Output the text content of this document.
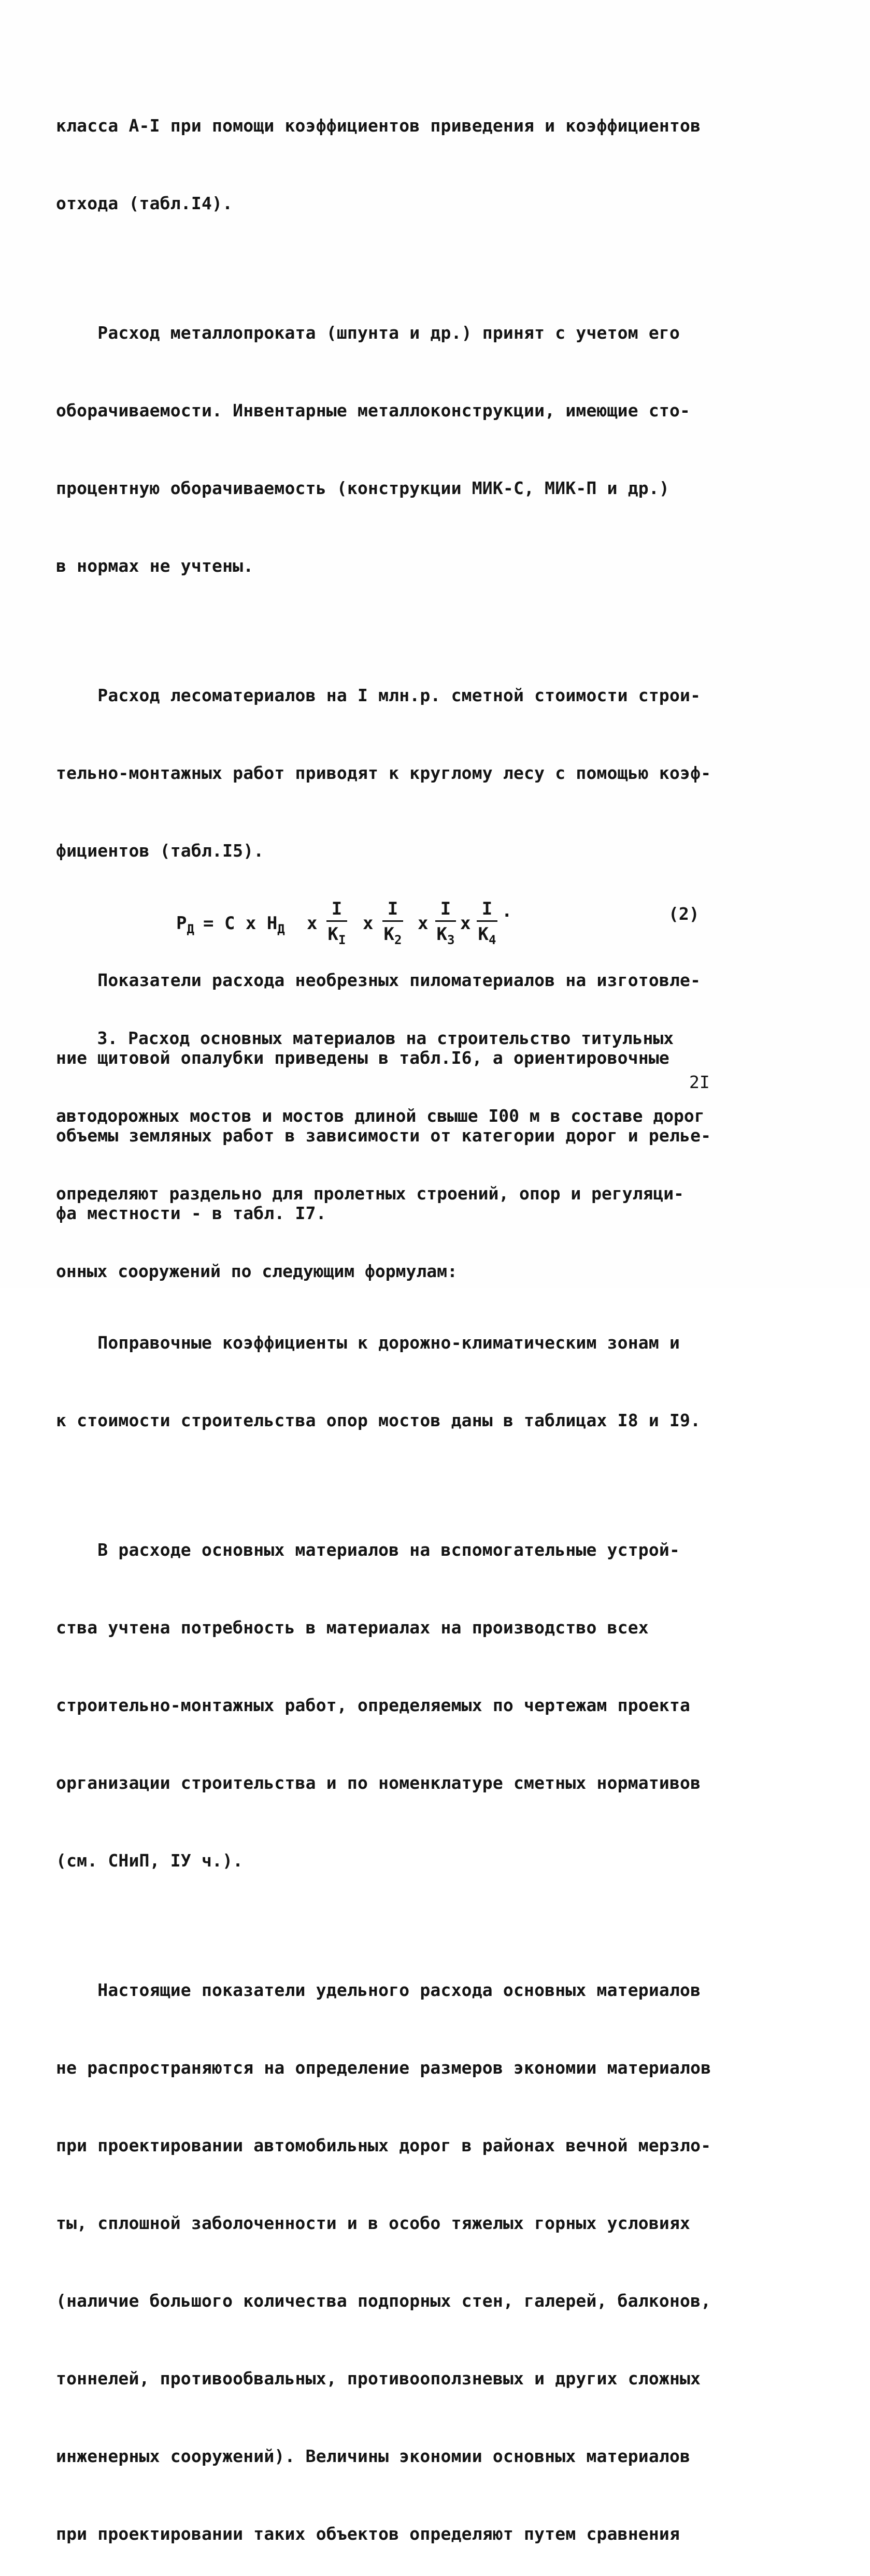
класса А-I при помощи коэффициентов приведения и коэффициентов

отхода (табл.I4).

Расход металлопроката (шпунта и др.) принят с учетом его

оборачиваемости. Инвентарные металлоконструкции, имеющие сто-

процентную оборачиваемость (конструкции МИК-С, МИК-П и др.)

в нормах не учтены.

Расход лесоматериалов на I млн.р. сметной стоимости строи-

тельно-монтажных работ приводят к круглому лесу с помощью коэф-

фициентов (табл.I5).

Показатели расхода необрезных пиломатериалов на изготовле-

ние щитовой опалубки приведены в табл.I6, а ориентировочные

объемы земляных работ в зависимости от категории дорог и релье-

фа местности - в табл. I7.

Поправочные коэффициенты к дорожно-климатическим зонам и

к стоимости строительства опор мостов даны в таблицах I8 и I9.

В расходе основных материалов на вспомогательные устрой-

ства учтена потребность в материалах на производство всех

строительно-монтажных работ, определяемых по чертежам проекта

организации строительства и по номенклатуре сметных нормативов

(см. СНиП, IУ ч.).

Настоящие показатели удельного расхода основных материалов

не распространяются на определение размеров экономии материалов

при проектировании автомобильных дорог в районах вечной мерзло-

ты, сплошной заболоченности и в особо тяжелых горных условиях

(наличие большого количества подпорных стен, галерей, балконов,

тоннелей, противообвальных, противооползневых и других сложных

инженерных сооружений). Величины экономии основных материалов

при проектировании таких объектов определяют путем сравнения

$Р_Д = С$ х $Н_Д$ х
I
$К_I$
х
I
$К_2$
х
I
$К_3$
х
I
$К_4$
.	(2)

3. Расход основных материалов на строительство титульных

автодорожных мостов и мостов длиной свыше I00 м в составе дорог

определяют раздельно для пролетных строений, опор и регуляци-

онных сооружений по следующим формулам:

2I
